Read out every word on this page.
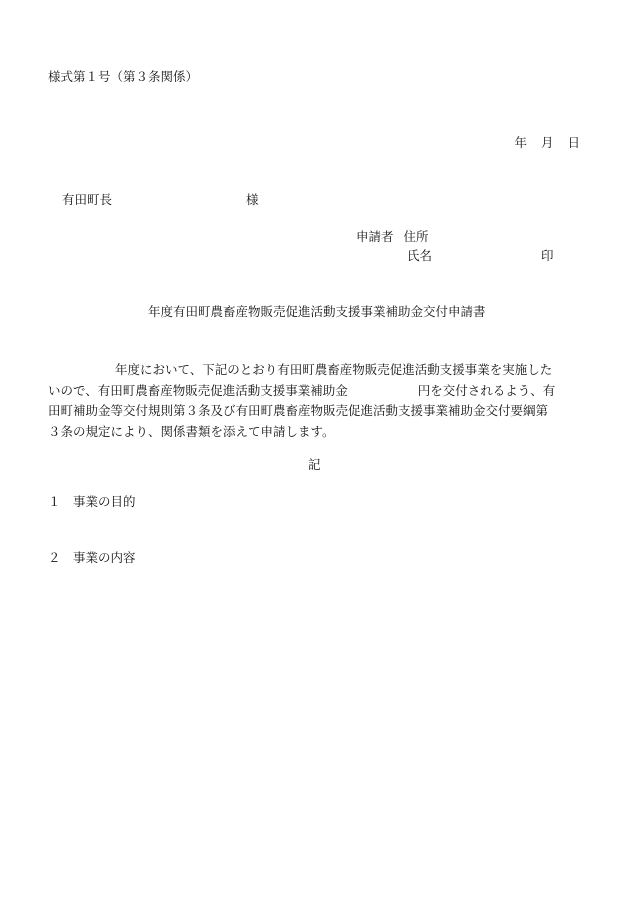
様式第１号（第３条関係）
年 月 日
有田町長	様
申請者 住所
氏名	印
年度有田町農畜産物販売促進活動支援事業補助金交付申請書
年度において、下記のとおり有田町農畜産物販売促進活動支援事業を実施した
いので、有田町農畜産物販売促進活動支援事業補助金	円を交付されるよう、有
田町補助金等交付規則第３条及び有田町農畜産物販売促進活動支援事業補助金交付要綱第
３条の規定により、関係書類を添えて申請します。
記
１ 事業の目的
２ 事業の内容
